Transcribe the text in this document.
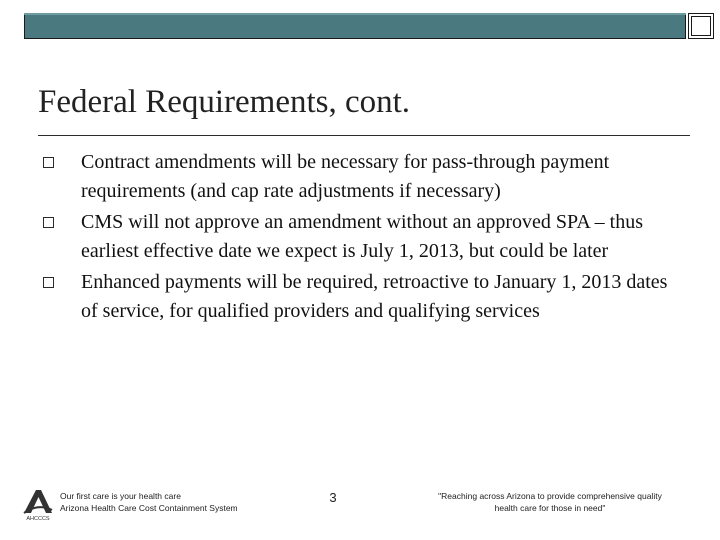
Federal Requirements, cont.
Contract amendments will be necessary for pass-through payment requirements (and cap rate adjustments if necessary)
CMS will not approve an amendment without an approved SPA – thus earliest effective date we expect is July 1, 2013, but could be later
Enhanced payments will be required, retroactive to January 1, 2013 dates of service, for qualified providers and qualifying services
AHCCCS
Our first care is your health care
Arizona Health Care Cost Containment System
3	"Reaching across Arizona to provide comprehensive quality
health care for those in need"
